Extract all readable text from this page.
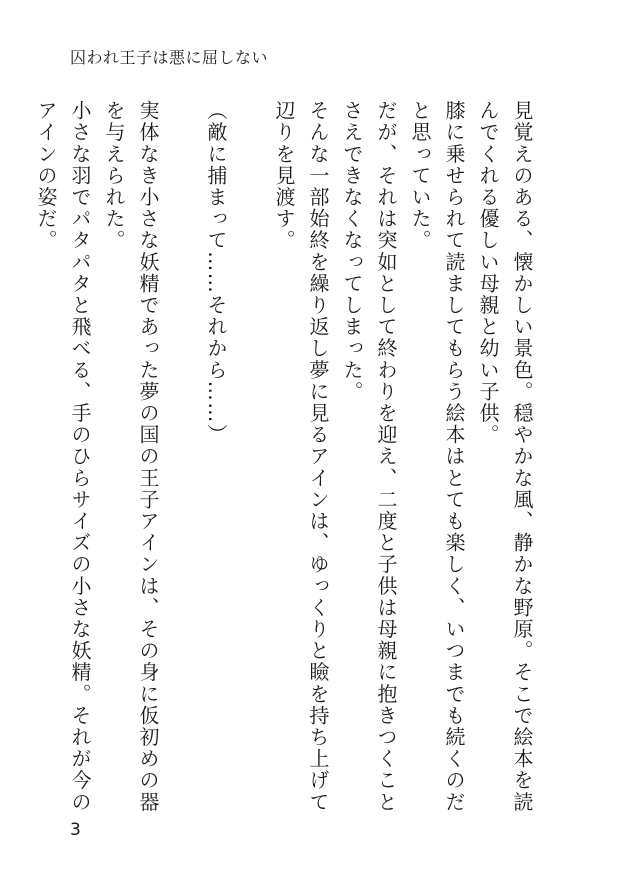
囚われ王子は悪に屈しない

見覚えのある、懐かしい景色。穏やかな風、静かな野原。そこで絵本を読んでくれる優しい母親と幼い子供。

膝に乗せられて読ましてもらう絵本はとても楽しく、いつまでも続くのだと思っていた。

だが、それは突如として終わりを迎え、二度と子供は母親に抱きつくことさえできなくなってしまった。

そんな一部始終を繰り返し夢に見るアインは、ゆっくりと瞼を持ち上げて辺りを見渡す。

（敵に捕まって……それから……）

実体なき小さな妖精であった夢の国の王子アインは、その身に仮初めの器を与えられた。

小さな羽でパタパタと飛べる、手のひらサイズの小さな妖精。それが今のアインの姿だ。

3
